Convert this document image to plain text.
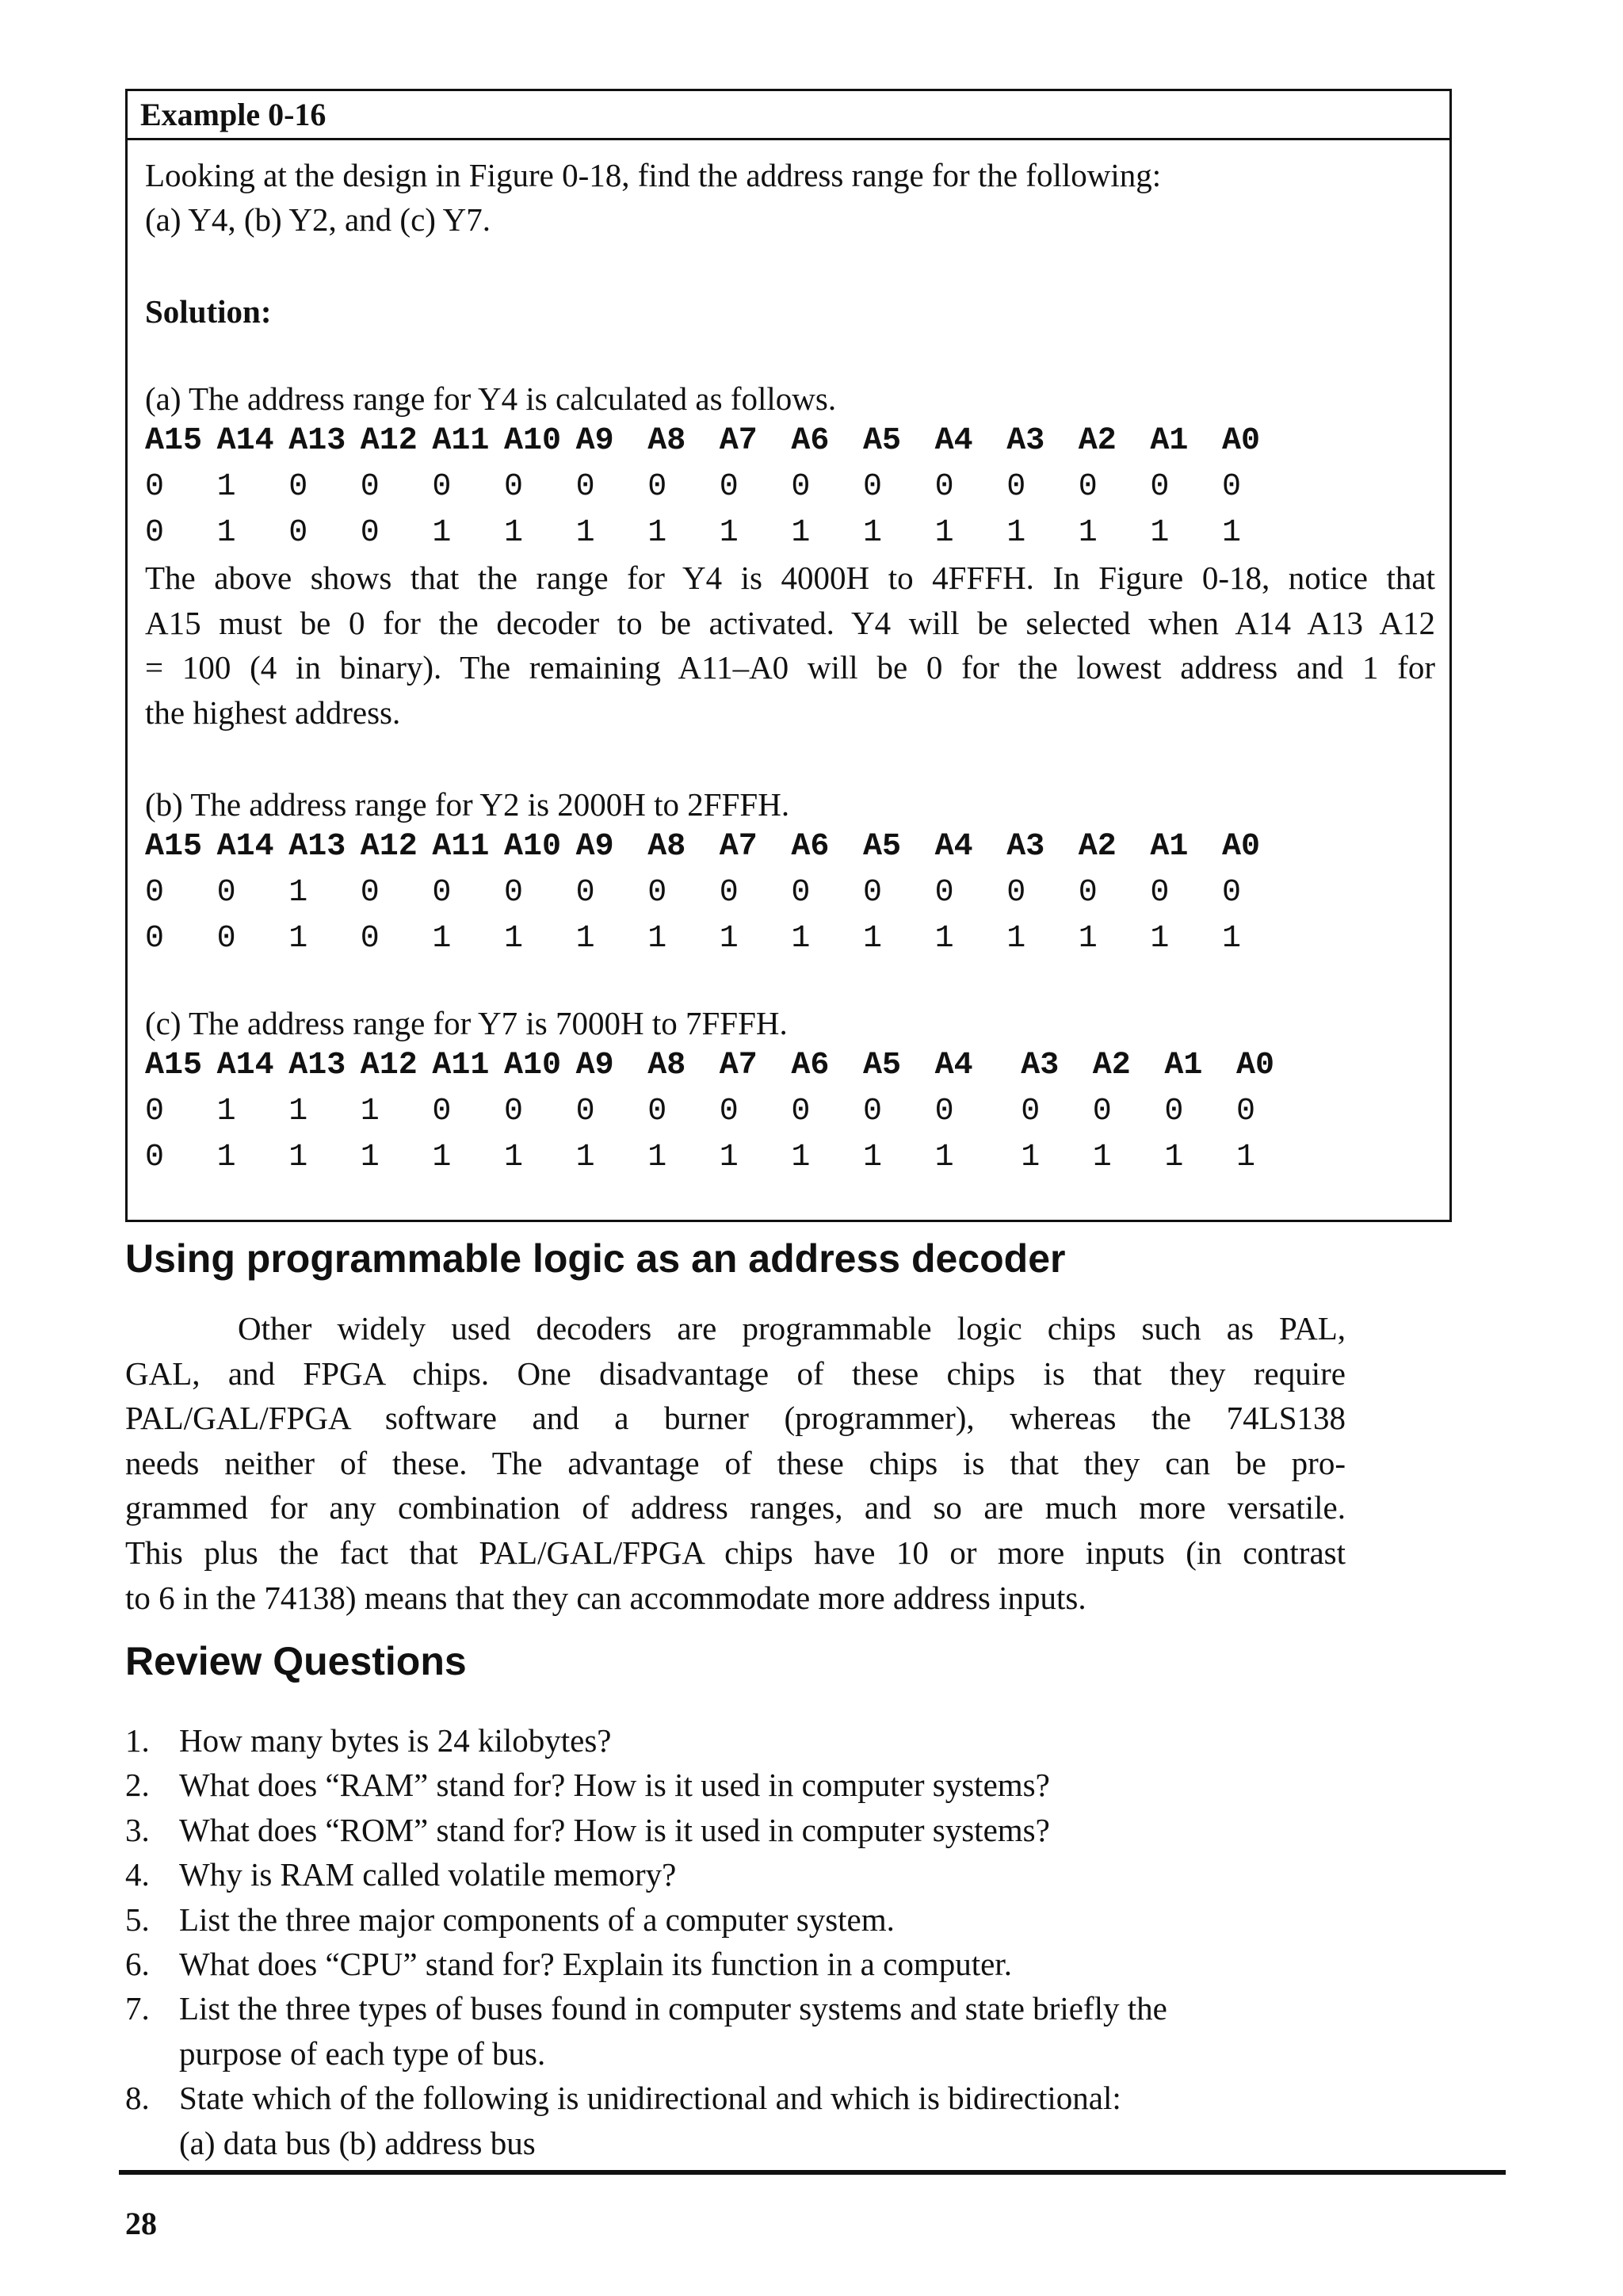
Example 0-16
Looking at the design in Figure 0-18, find the address range for the following:
(a) Y4, (b) Y2, and (c) Y7.
Solution:
(a) The address range for Y4 is calculated as follows.
A15 A14 A13 A12 A11 A10 A9	A8	A7	A6	A5	A4	A3	A2	A1	A0
0	1	0	0	0	0	0	0	0	0	0	0	0	0	0	0
0	1	0	0	1	1	1	1	1	1	1	1	1	1	1	1
The above shows that the range for Y4 is 4000H to 4FFFH. In Figure 0-18, notice that
A15 must be 0 for the decoder to be activated. Y4 will be selected when A14 A13 A12
= 100 (4 in binary). The remaining A11–A0 will be 0 for the lowest address and 1 for
the highest address.
(b) The address range for Y2 is 2000H to 2FFFH.
A15 A14 A13 A12 A11 A10 A9	A8	A7	A6	A5	A4	A3	A2	A1	A0
0	0	1	0	0	0	0	0	0	0	0	0	0	0	0	0
0	0	1	0	1	1	1	1	1	1	1	1	1	1	1	1
(c) The address range for Y7 is 7000H to 7FFFH.
A15 A14 A13 A12 A11 A10 A9	A8	A7	A6	A5	A4	A3	A2	A1	A0
0	1	1	1	0	0	0	0	0	0	0	0	0	0	0	0
0	1	1	1	1	1	1	1	1	1	1	1	1	1	1	1
Using programmable logic as an address decoder
Other widely used decoders are programmable logic chips such as PAL,
GAL, and FPGA chips. One disadvantage of these chips is that they require
PAL/GAL/FPGA software and a burner (programmer), whereas the 74LS138
needs neither of these. The advantage of these chips is that they can be pro-
grammed for any combination of address ranges, and so are much more versatile.
This plus the fact that PAL/GAL/FPGA chips have 10 or more inputs (in contrast
to 6 in the 74138) means that they can accommodate more address inputs.
Review Questions
1. How many bytes is 24 kilobytes?
2. What does “RAM” stand for? How is it used in computer systems?
3. What does “ROM” stand for? How is it used in computer systems?
4. Why is RAM called volatile memory?
5. List the three major components of a computer system.
6. What does “CPU” stand for? Explain its function in a computer.
7. List the three types of buses found in computer systems and state briefly the
purpose of each type of bus.
8. State which of the following is unidirectional and which is bidirectional:
(a) data bus (b) address bus
28
